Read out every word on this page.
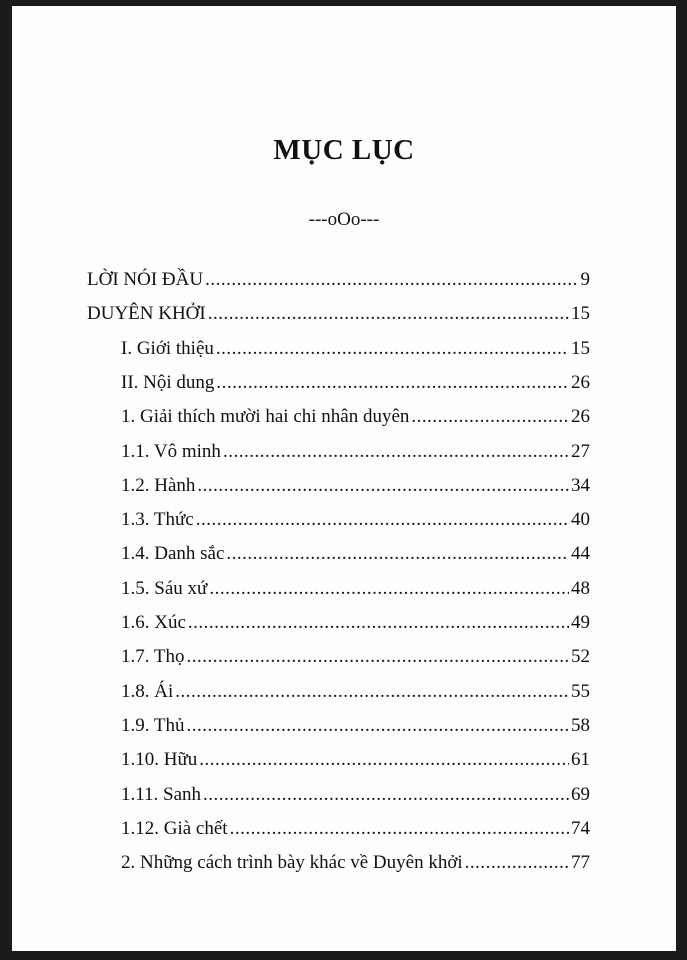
MỤC LỤC
---oOo---
LỜI NÓI ĐẦU .....	9
DUYÊN KHỞI .....	15
I. Giới thiệu .....	15
II. Nội dung .....	26
1. Giải thích mười hai chi nhân duyên .....	26
1.1. Vô minh .....	27
1.2. Hành .....	34
1.3. Thức .....	40
1.4. Danh sắc .....	44
1.5. Sáu xứ .....	48
1.6. Xúc .....	49
1.7. Thọ .....	52
1.8. Ái .....	55
1.9. Thủ .....	58
1.10. Hữu .....	61
1.11. Sanh .....	69
1.12. Già chết .....	74
2. Những cách trình bày khác về Duyên khởi .....	77
